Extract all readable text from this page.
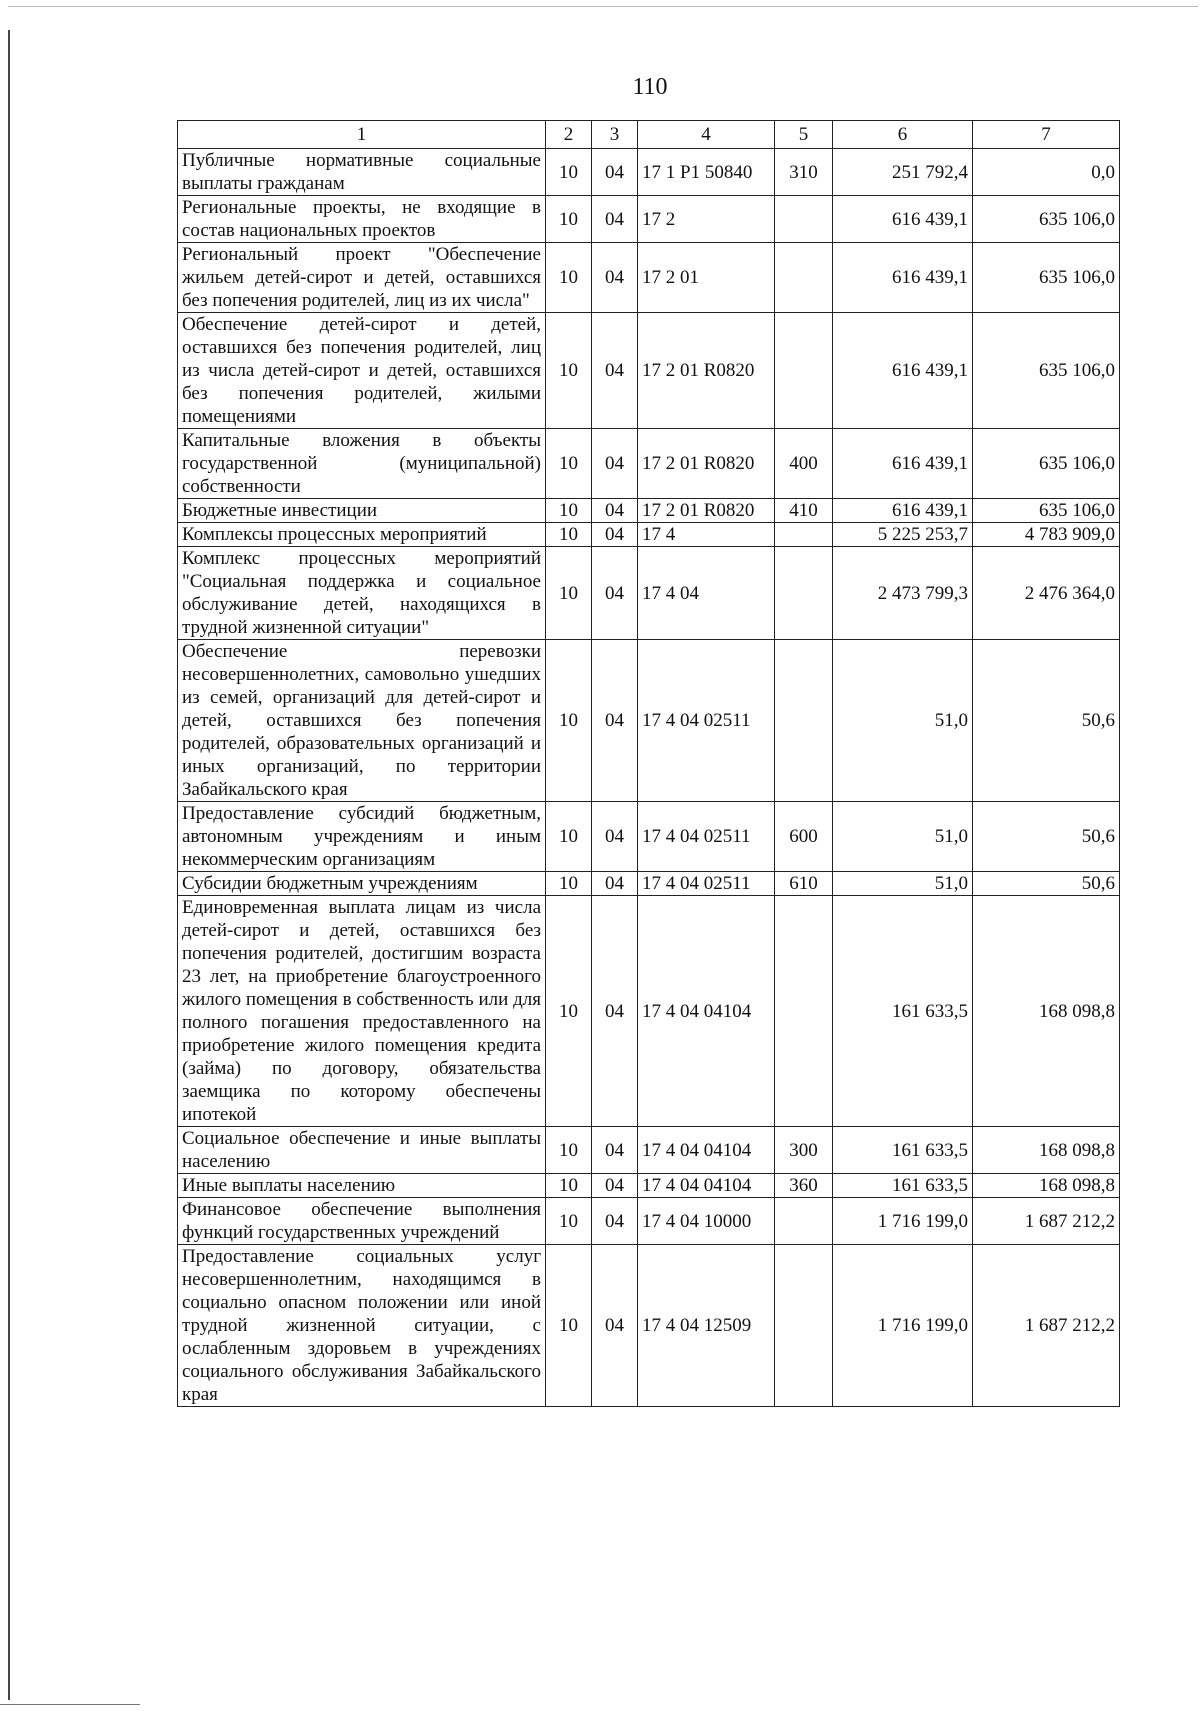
110
1	2	3	4	5	6	7
Публичные нормативные социальные выплаты гражданам	10	04	17 1 P1 50840	310	251 792,4	0,0
Региональные проекты, не входящие в состав национальных проектов	10	04	17 2		616 439,1	635 106,0
Региональный проект "Обеспечение жильем детей-сирот и детей, оставшихся без попечения родителей, лиц из их числа"	10	04	17 2 01		616 439,1	635 106,0
Обеспечение детей-сирот и детей, оставшихся без попечения родителей, лиц из числа детей-сирот и детей, оставшихся без попечения родителей, жилыми помещениями	10	04	17 2 01 R0820		616 439,1	635 106,0
Капитальные вложения в объекты государственной (муниципальной) собственности	10	04	17 2 01 R0820	400	616 439,1	635 106,0
Бюджетные инвестиции	10	04	17 2 01 R0820	410	616 439,1	635 106,0
Комплексы процессных мероприятий	10	04	17 4		5 225 253,7	4 783 909,0
Комплекс процессных мероприятий "Социальная поддержка и социальное обслуживание детей, находящихся в трудной жизненной ситуации"	10	04	17 4 04		2 473 799,3	2 476 364,0
Обеспечение перевозки несовершеннолетних, самовольно ушедших из семей, организаций для детей-сирот и детей, оставшихся без попечения родителей, образовательных организаций и иных организаций, по территории Забайкальского края	10	04	17 4 04 02511		51,0	50,6
Предоставление субсидий бюджетным, автономным учреждениям и иным некоммерческим организациям	10	04	17 4 04 02511	600	51,0	50,6
Субсидии бюджетным учреждениям	10	04	17 4 04 02511	610	51,0	50,6
Единовременная выплата лицам из числа детей-сирот и детей, оставшихся без попечения родителей, достигшим возраста 23 лет, на приобретение благоустроенного жилого помещения в собственность или для полного погашения предоставленного на приобретение жилого помещения кредита (займа) по договору, обязательства заемщика по которому обеспечены ипотекой	10	04	17 4 04 04104		161 633,5	168 098,8
Социальное обеспечение и иные выплаты населению	10	04	17 4 04 04104	300	161 633,5	168 098,8
Иные выплаты населению	10	04	17 4 04 04104	360	161 633,5	168 098,8
Финансовое обеспечение выполнения функций государственных учреждений	10	04	17 4 04 10000		1 716 199,0	1 687 212,2
Предоставление социальных услуг несовершеннолетним, находящимся в социально опасном положении или иной трудной жизненной ситуации, с ослабленным здоровьем в учреждениях социального обслуживания Забайкальского края	10	04	17 4 04 12509		1 716 199,0	1 687 212,2
